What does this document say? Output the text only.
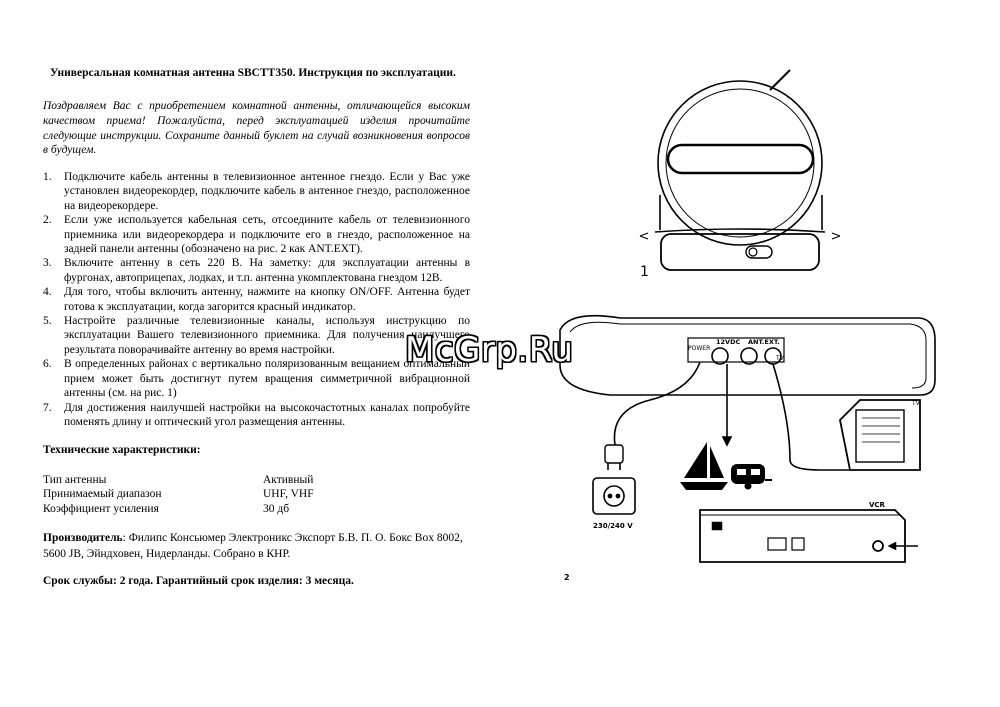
Универсальная комнатная антенна SBCTT350. Инструкция по эксплуатации.
Поздравляем Вас с приобретением комнатной антенны, отличающейся высоким качеством приема! Пожалуйста, перед эксплуатацией изделия прочитайте следующие инструкции. Сохраните данный буклет на случай возникновения вопросов в будущем.
1. Подключите кабель антенны в телевизионное антенное гнездо. Если у Вас уже установлен видеорекордер, подключите кабель в антенное гнездо, расположенное на видеорекордере.
2. Если уже используется кабельная сеть, отсоедините кабель от телевизионного приемника или видеорекордера и подключите его в гнездо, расположенное на задней панели антенны (обозначено на рис. 2 как ANT.EXT).
3. Включите антенну в сеть 220 В. На заметку: для эксплуатации антенны в фургонах, автоприцепах, лодках, и т.п. антенна укомплектована гнездом 12В.
4. Для того, чтобы включить антенну, нажмите на кнопку ON/OFF. Антенна будет готова к эксплуатации, когда загорится красный индикатор.
5. Настройте различные телевизионные каналы, используя инструкцию по эксплуатации Вашего телевизионного приемника. Для получения наилучшего результата поворачивайте антенну во время настройки.
6. В определенных районах с вертикально поляризованным вещанием оптимальный прием может быть достигнут путем вращения симметричной вибрационной антенны (см. на рис. 1)
7. Для достижения наилучшей настройки на высокочастотных каналах попробуйте поменять длину и оптический угол размещения антенны.
Технические характеристики:
Тип антенны	Активный
Принимаемый диапазон	UHF, VHF
Коэффициент усиления	30 дб
Производитель: Филипс Консьюмер Электроникс Экспорт Б.В. П. О. Бокс Box 8002, 5600 JB, Эйндховен, Нидерланды. Собрано в КНР.
Срок службы: 2 года. Гарантийный срок изделия: 3 месяца.
1
POWER
12VDC ANT.EXT.
TV
230/240 V
VCR
TV
2
McGrp.Ru
